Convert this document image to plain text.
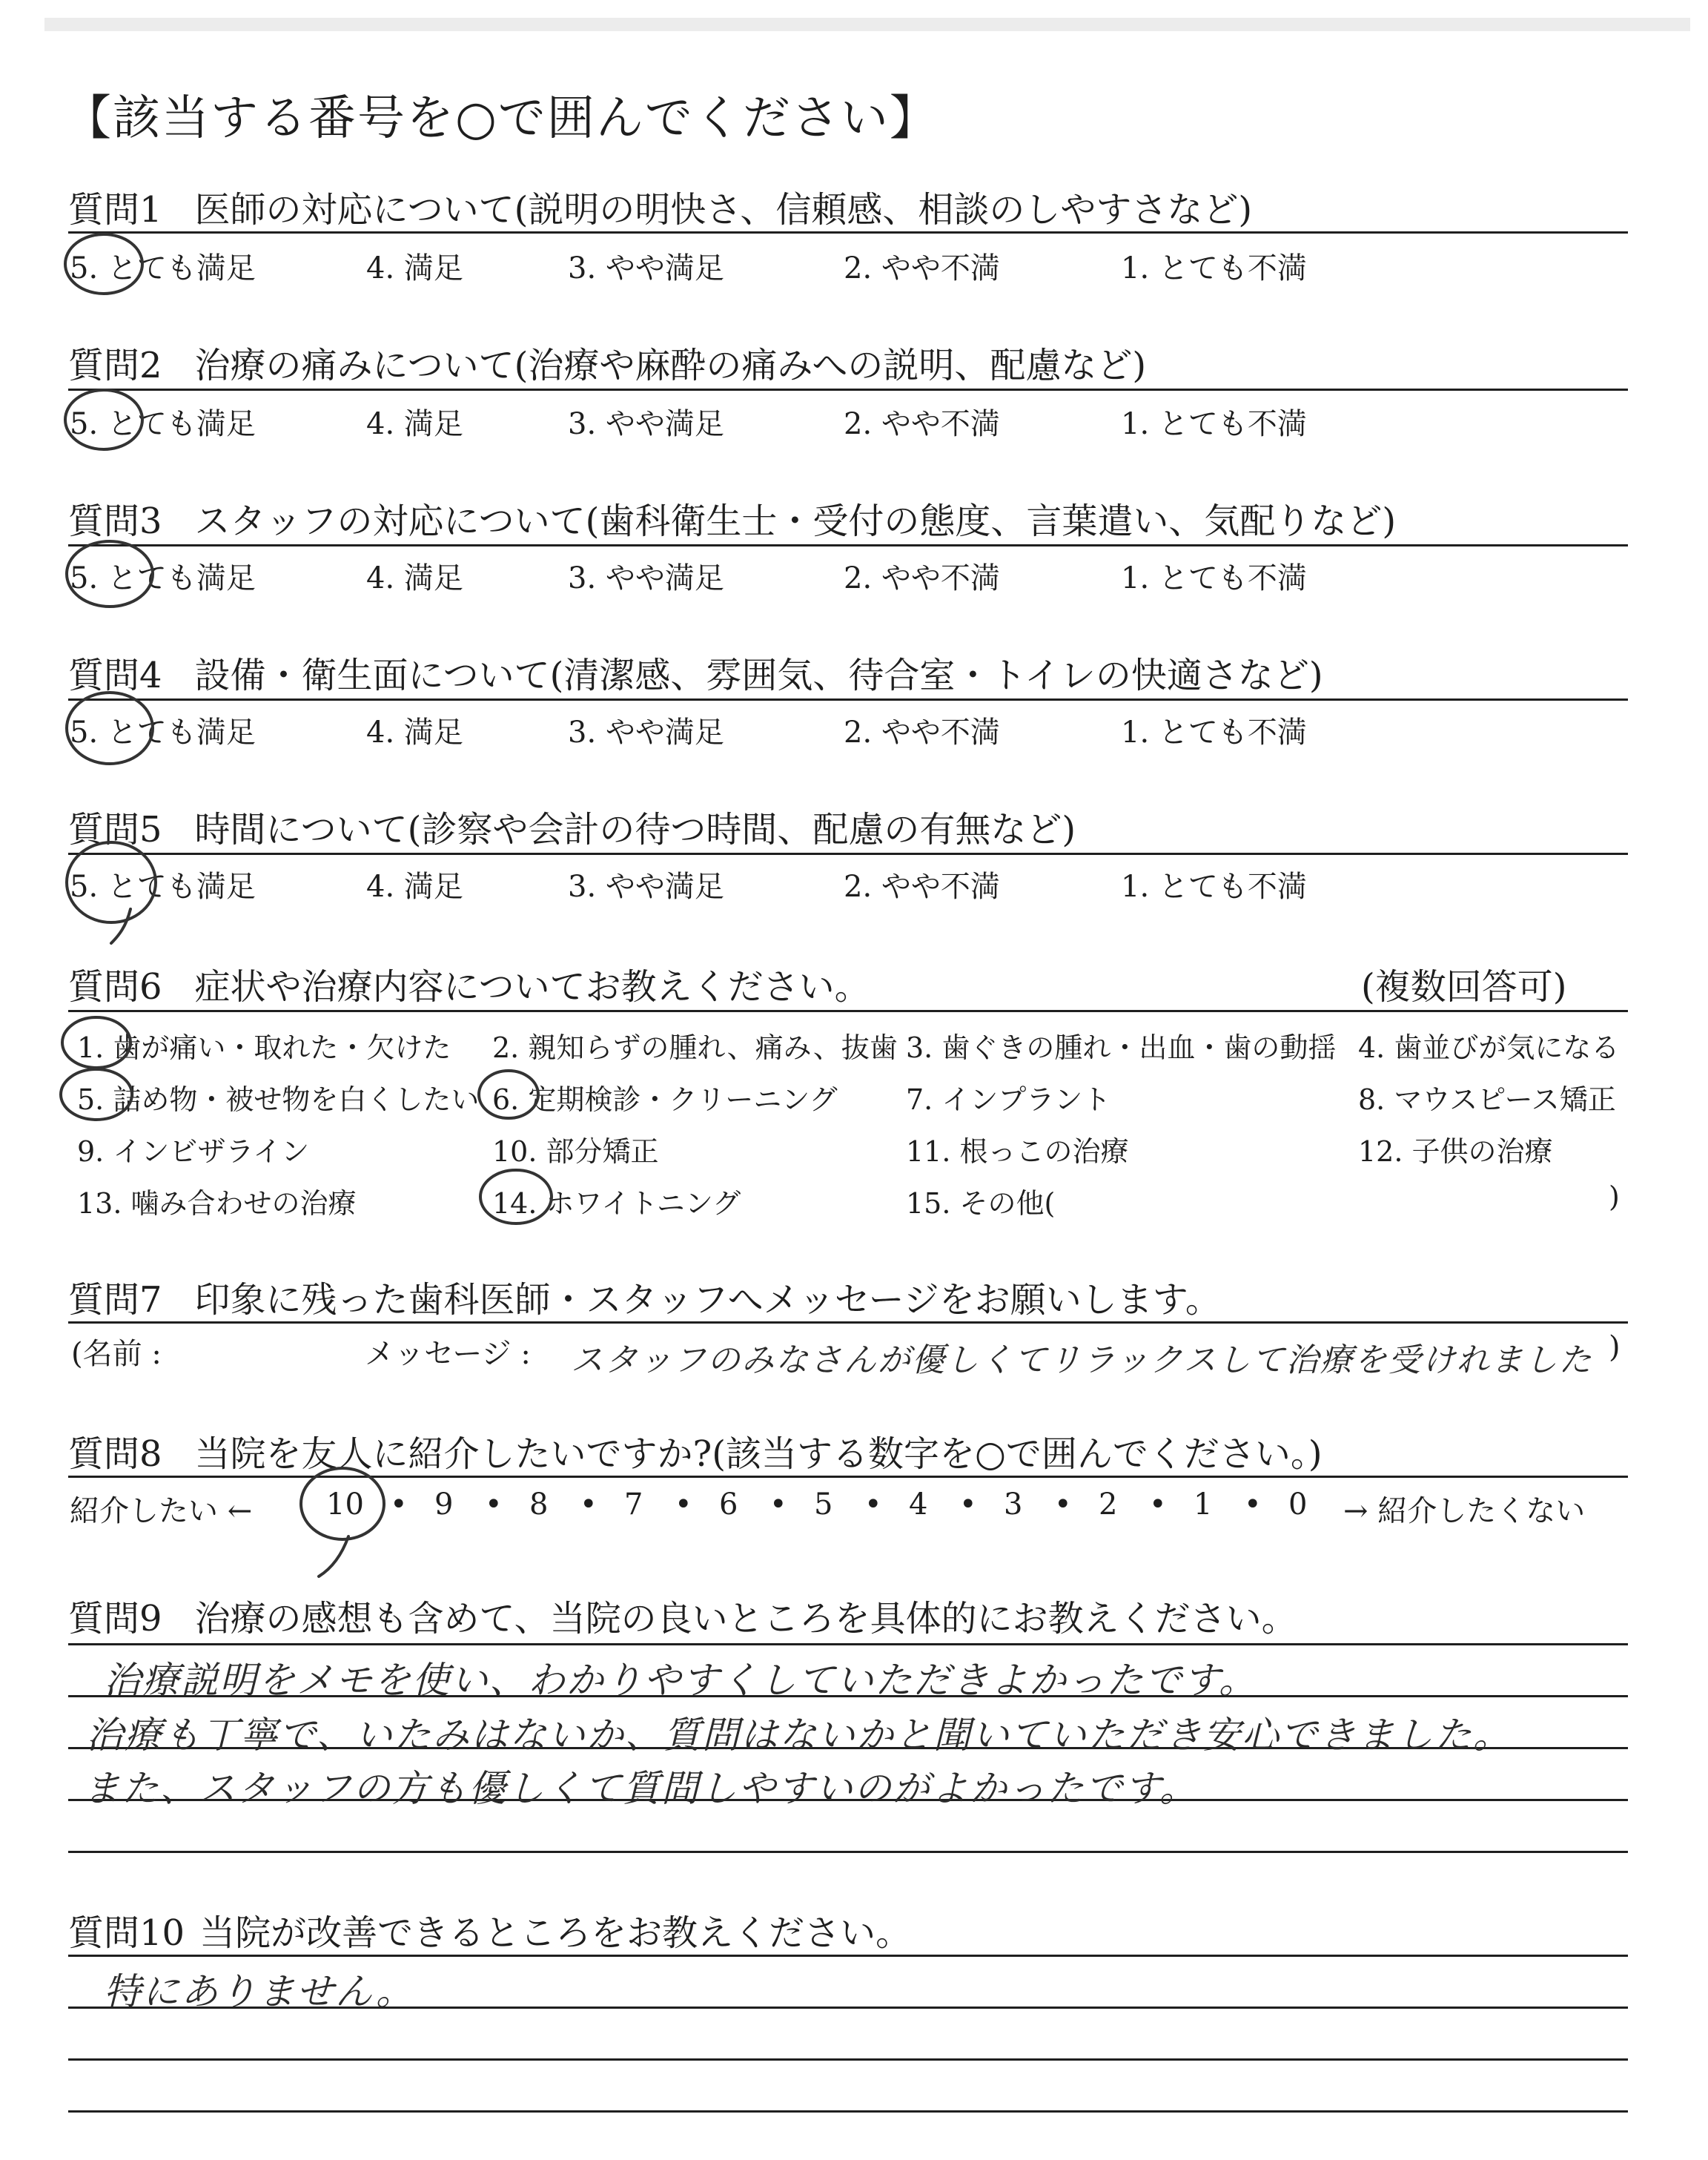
【該当する番号を○で囲んでください】
質問1 医師の対応について(説明の明快さ、信頼感、相談のしやすさなど)
5. とても満足	4. 満足	3. やや満足	2. やや不満	1. とても不満
質問2 治療の痛みについて(治療や麻酔の痛みへの説明、配慮など)
5. とても満足	4. 満足	3. やや満足	2. やや不満	1. とても不満
質問3 スタッフの対応について(歯科衛生士・受付の態度、言葉遣い、気配りなど)
5. とても満足	4. 満足	3. やや満足	2. やや不満	1. とても不満
質問4 設備・衛生面について(清潔感、雰囲気、待合室・トイレの快適さなど)
5. とても満足	4. 満足	3. やや満足	2. やや不満	1. とても不満
質問5 時間について(診察や会計の待つ時間、配慮の有無など)
5. とても満足	4. 満足	3. やや満足	2. やや不満	1. とても不満
質問6 症状や治療内容についてお教えください。	(複数回答可)
1. 歯が痛い・取れた・欠けた 2. 親知らずの腫れ、痛み、抜歯 3. 歯ぐきの腫れ・出血・歯の動揺 4. 歯並びが気になる
5. 詰め物・被せ物を白くしたい 6. 定期検診・クリーニング 7. インプラント	8. マウスピース矯正
9. インビザライン	10. 部分矯正	11. 根っこの治療	12. 子供の治療
13. 噛み合わせの治療	14. ホワイトニング	15. その他(	)
質問7 印象に残った歯科医師・スタッフへメッセージをお願いします。
(名前 :	メッセージ : スタッフのみなさんが優しくてリラックスして治療を受けれました )
質問8 当院を友人に紹介したいですか?(該当する数字を○で囲んでください。)
紹介したい ←	→ 紹介したくない
10 • 9 • 8 • 7 • 6 • 5 • 4 • 3 • 2 • 1 • 0
質問9 治療の感想も含めて、当院の良いところを具体的にお教えください。
治療説明をメモを使い、わかりやすくしていただきよかったです。
治療も丁寧で、いたみはないか、質問はないかと聞いていただき安心できました。
また、スタッフの方も優しくて質問しやすいのがよかったです。
質問10 当院が改善できるところをお教えください。
特にありません。
